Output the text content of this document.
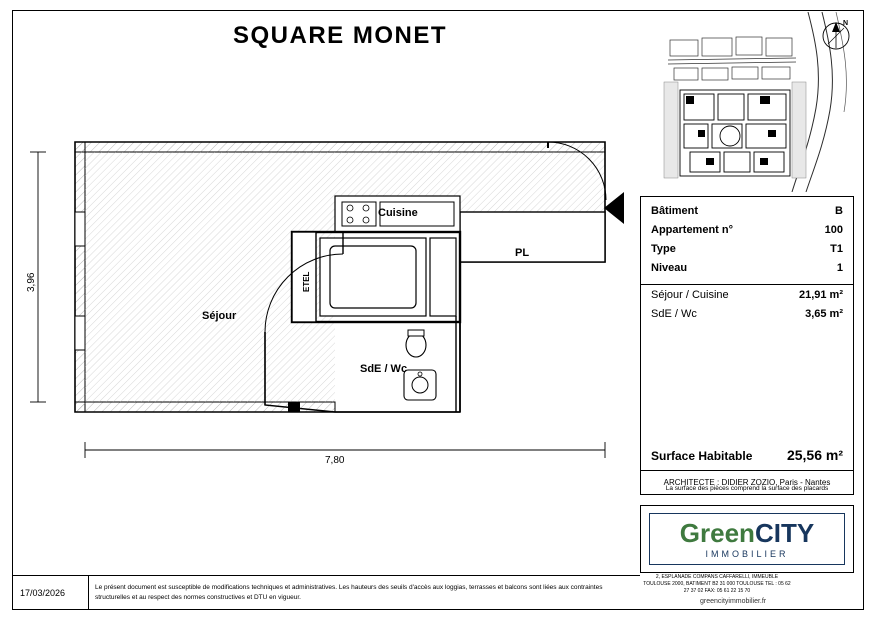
SQUARE MONET
Séjour
Cuisine
PL
SdE / Wc
ETEL
7,80
3,96
N
Bâtiment	B
Appartement n°	100
Type	T1
Niveau	1
Séjour / Cuisine	21,91 m²
SdE / Wc	3,65 m²
Surface Habitable 25,56 m²
La surface des pièces comprend la surface des placards
ARCHITECTE : DIDIER ZOZIO, Paris - Nantes
GreenCITY
IMMOBILIER
2, ESPLANADE COMPANS CAFFARELLI, IMMEUBLE TOULOUSE 2000, BATIMENT B2 31 000 TOULOUSE TEL : 05 62 27 37 02 FAX: 05 61 22 15 70
greencityimmobilier.fr
17/03/2026
Le présent document est susceptible de modifications techniques et administratives. Les hauteurs des seuils d'accès aux loggias, terrasses et balcons sont liées aux contraintes structurelles et au respect des normes constructives et DTU en vigueur.
